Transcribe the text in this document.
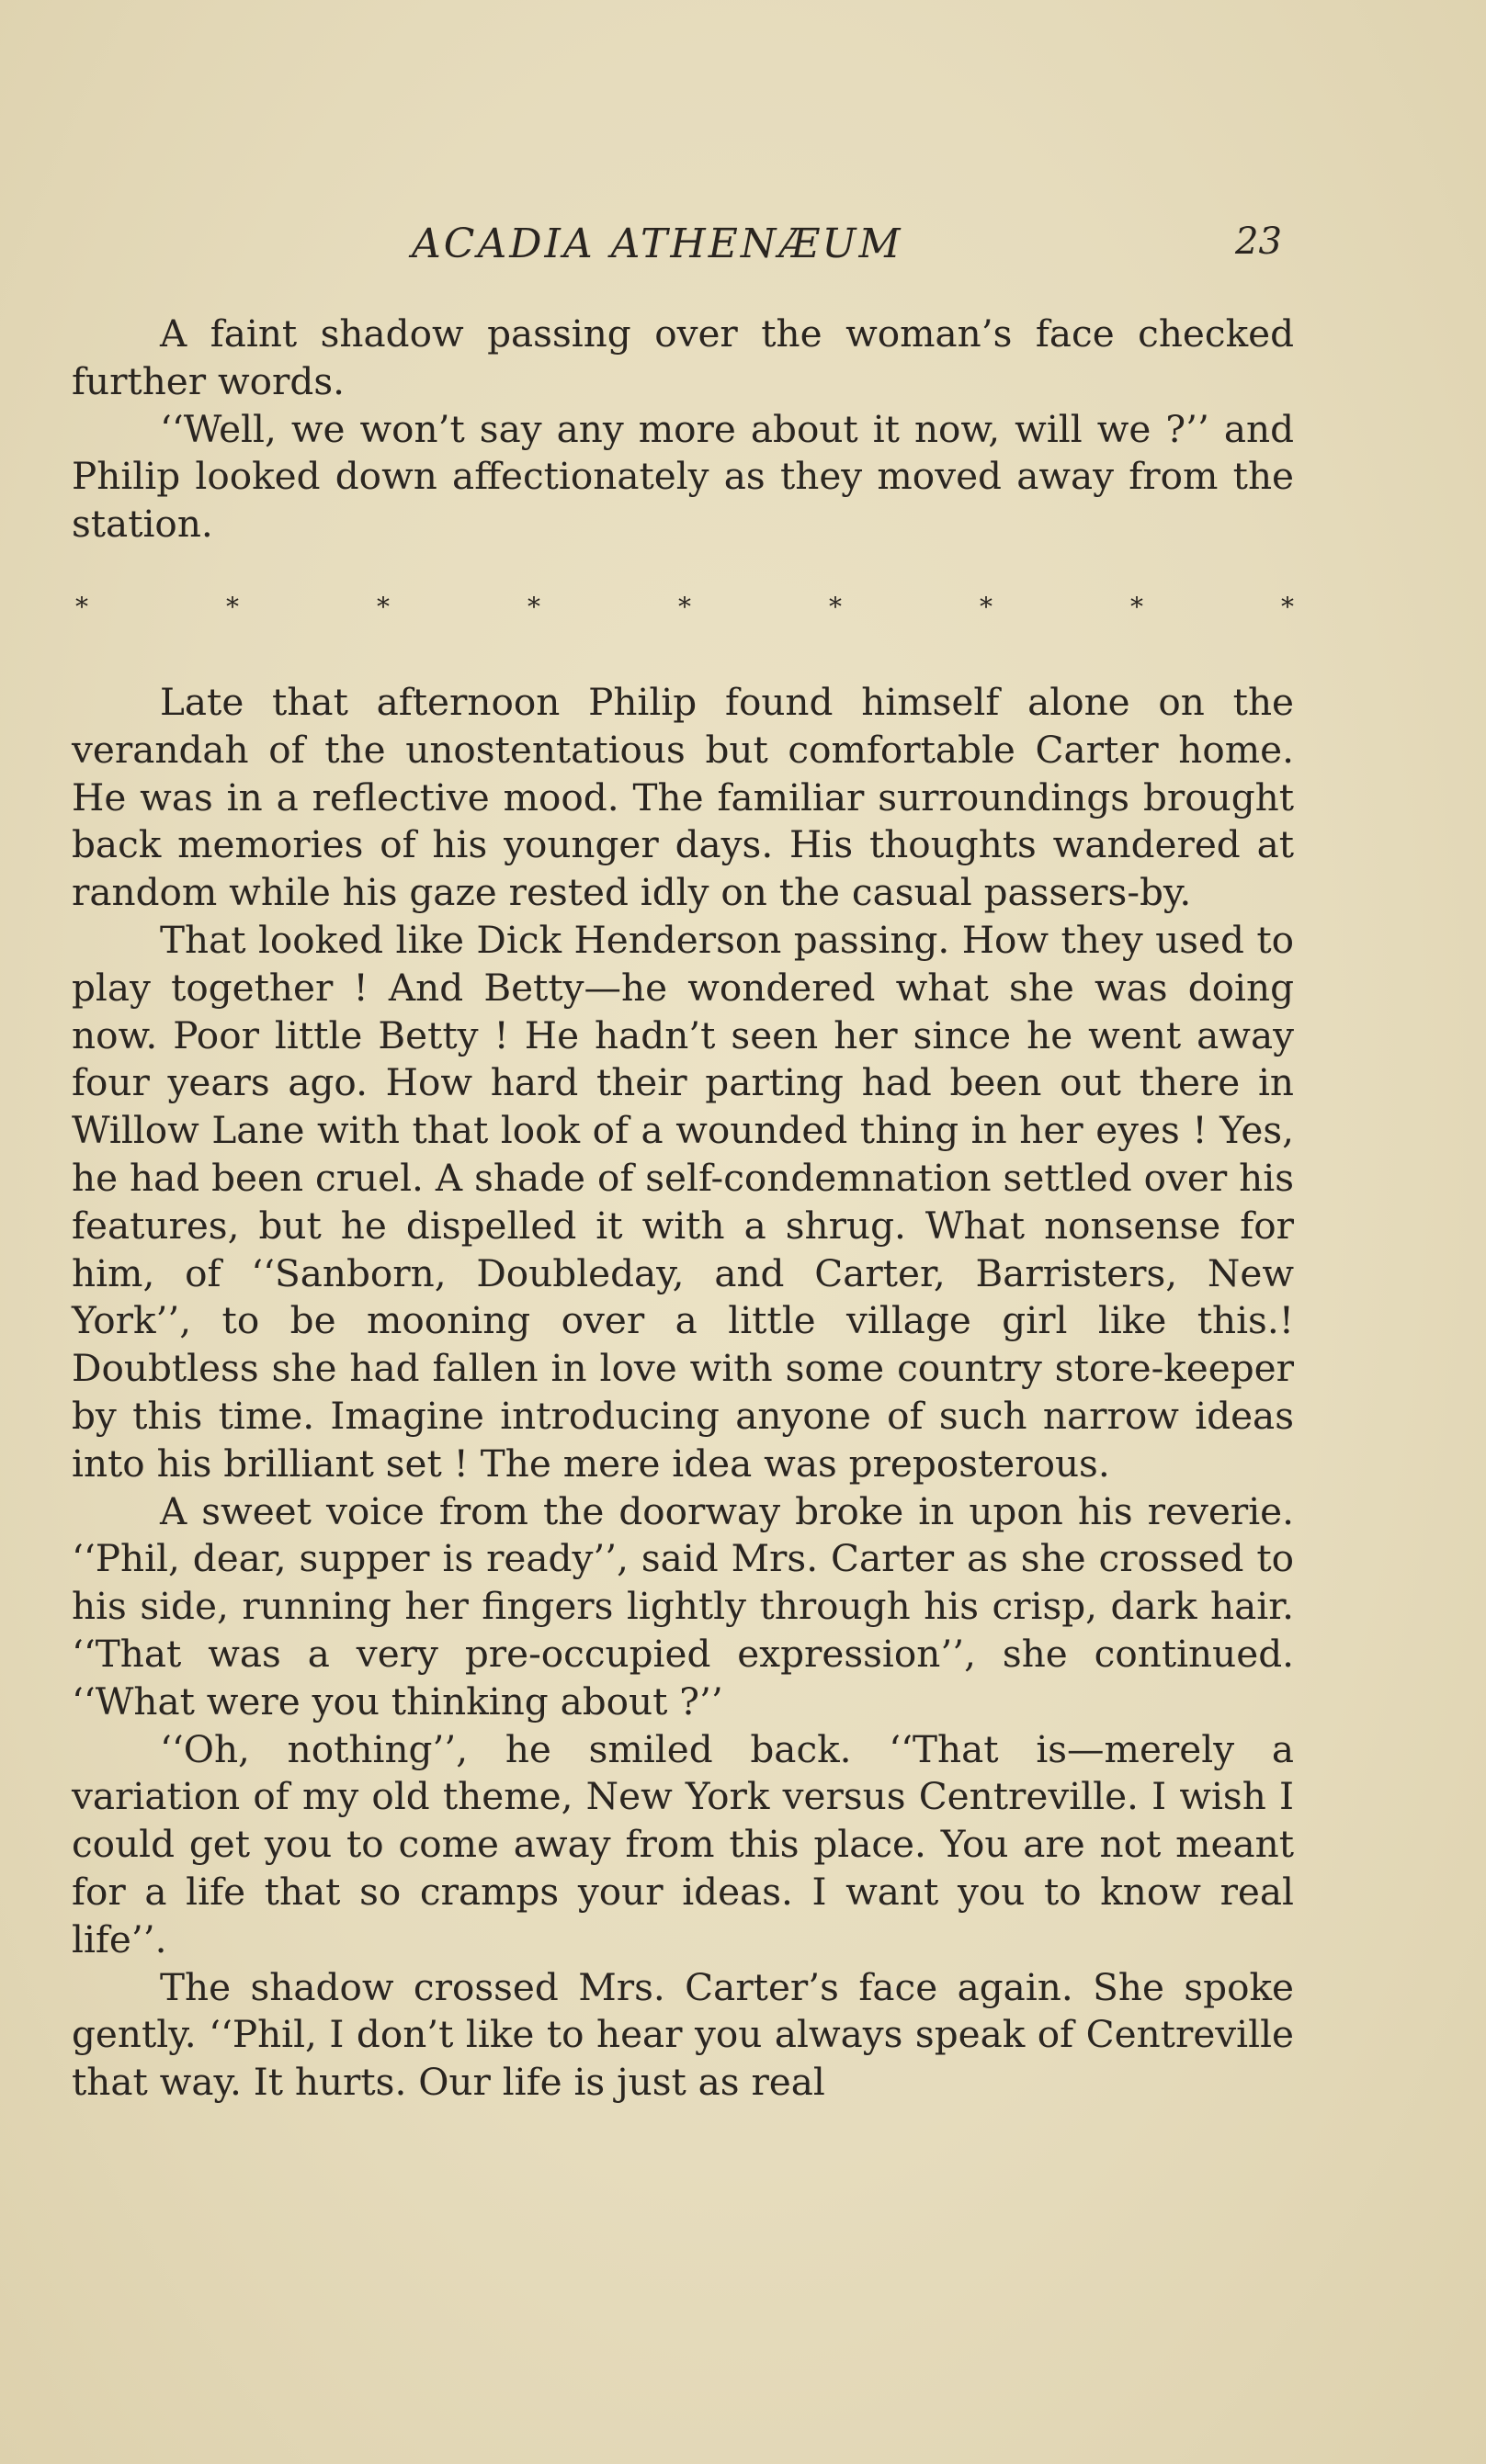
ACADIA ATHENÆUM	23

A faint shadow passing over the woman’s face checked further words.

‘‘Well, we won’t say any more about it now, will we ?’’ and Philip looked down affectionately as they moved away from the station.

*	*	*	*	*	*	*	*	*

Late that afternoon Philip found himself alone on the verandah of the unostentatious but comfortable Carter home. He was in a reflective mood. The familiar surroundings brought back memories of his younger days. His thoughts wandered at random while his gaze rested idly on the casual passers-by.

That looked like Dick Henderson passing. How they used to play together ! And Betty—he wondered what she was doing now. Poor little Betty ! He hadn’t seen her since he went away four years ago. How hard their parting had been out there in Willow Lane with that look of a wounded thing in her eyes ! Yes, he had been cruel. A shade of self-condemnation settled over his features, but he dispelled it with a shrug. What nonsense for him, of ‘‘Sanborn, Doubleday, and Carter, Barristers, New York’’, to be mooning over a little village girl like this.! Doubtless she had fallen in love with some country store-keeper by this time. Imagine introducing anyone of such narrow ideas into his brilliant set ! The mere idea was preposterous.

A sweet voice from the doorway broke in upon his reverie. ‘‘Phil, dear, supper is ready’’, said Mrs. Carter as she crossed to his side, running her fingers lightly through his crisp, dark hair. ‘‘That was a very pre-occupied expression’’, she continued. ‘‘What were you thinking about ?’’

‘‘Oh, nothing’’, he smiled back. ‘‘That is—merely a variation of my old theme, New York versus Centreville. I wish I could get you to come away from this place. You are not meant for a life that so cramps your ideas. I want you to know real life’’.

The shadow crossed Mrs. Carter’s face again. She spoke gently. ‘‘Phil, I don’t like to hear you always speak of Centreville that way. It hurts. Our life is just as real
